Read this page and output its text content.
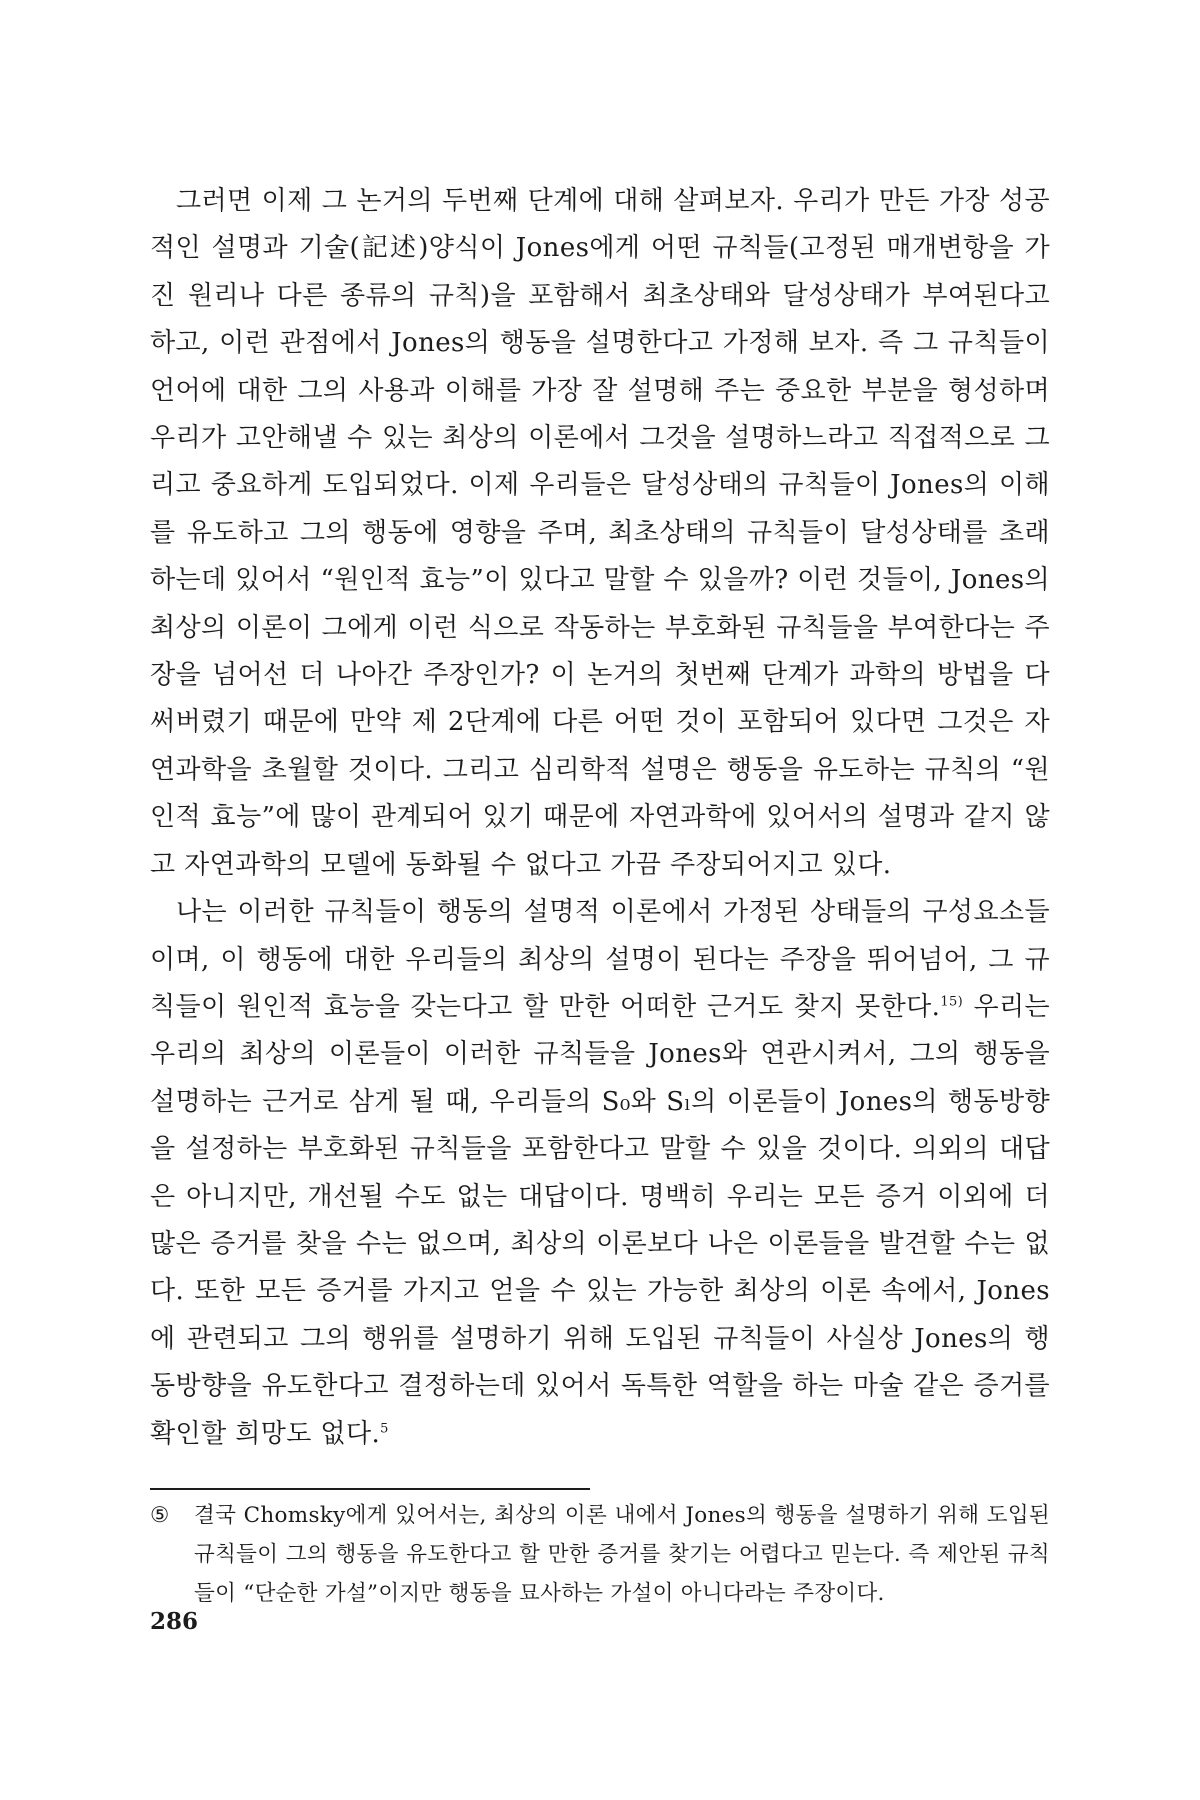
그러면 이제 그 논거의 두번째 단계에 대해 살펴보자. 우리가 만든 가장 성공적인 설명과 기술(記述)양식이 Jones에게 어떤 규칙들(고정된 매개변항을 가진 원리나 다른 종류의 규칙)을 포함해서 최초상태와 달성상태가 부여된다고 하고, 이런 관점에서 Jones의 행동을 설명한다고 가정해 보자. 즉 그 규칙들이 언어에 대한 그의 사용과 이해를 가장 잘 설명해 주는 중요한 부분을 형성하며 우리가 고안해낼 수 있는 최상의 이론에서 그것을 설명하느라고 직접적으로 그리고 중요하게 도입되었다. 이제 우리들은 달성상태의 규칙들이 Jones의 이해를 유도하고 그의 행동에 영향을 주며, 최초상태의 규칙들이 달성상태를 초래하는데 있어서 “원인적 효능”이 있다고 말할 수 있을까? 이런 것들이, Jones의 최상의 이론이 그에게 이런 식으로 작동하는 부호화된 규칙들을 부여한다는 주장을 넘어선 더 나아간 주장인가? 이 논거의 첫번째 단계가 과학의 방법을 다 써버렸기 때문에 만약 제 2단계에 다른 어떤 것이 포함되어 있다면 그것은 자연과학을 초월할 것이다. 그리고 심리학적 설명은 행동을 유도하는 규칙의 “원인적 효능”에 많이 관계되어 있기 때문에 자연과학에 있어서의 설명과 같지 않고 자연과학의 모델에 동화될 수 없다고 가끔 주장되어지고 있다.

나는 이러한 규칙들이 행동의 설명적 이론에서 가정된 상태들의 구성요소들이며, 이 행동에 대한 우리들의 최상의 설명이 된다는 주장을 뛰어넘어, 그 규칙들이 원인적 효능을 갖는다고 할 만한 어떠한 근거도 찾지 못한다.$^{15)}$ 우리는 우리의 최상의 이론들이 이러한 규칙들을 Jones와 연관시켜서, 그의 행동을 설명하는 근거로 삼게 될 때, 우리들의 S₀와 Sₗ의 이론들이 Jones의 행동방향을 설정하는 부호화된 규칙들을 포함한다고 말할 수 있을 것이다. 의외의 대답은 아니지만, 개선될 수도 없는 대답이다. 명백히 우리는 모든 증거 이외에 더 많은 증거를 찾을 수는 없으며, 최상의 이론보다 나은 이론들을 발견할 수는 없다. 또한 모든 증거를 가지고 얻을 수 있는 가능한 최상의 이론 속에서, Jones에 관련되고 그의 행위를 설명하기 위해 도입된 규칙들이 사실상 Jones의 행동방향을 유도한다고 결정하는데 있어서 독특한 역할을 하는 마술 같은 증거를 확인할 희망도 없다.$^5$

⑤ 결국 Chomsky에게 있어서는, 최상의 이론 내에서 Jones의 행동을 설명하기 위해 도입된 규칙들이 그의 행동을 유도한다고 할 만한 증거를 찾기는 어렵다고 믿는다. 즉 제안된 규칙들이 “단순한 가설”이지만 행동을 묘사하는 가설이 아니다라는 주장이다.

286
